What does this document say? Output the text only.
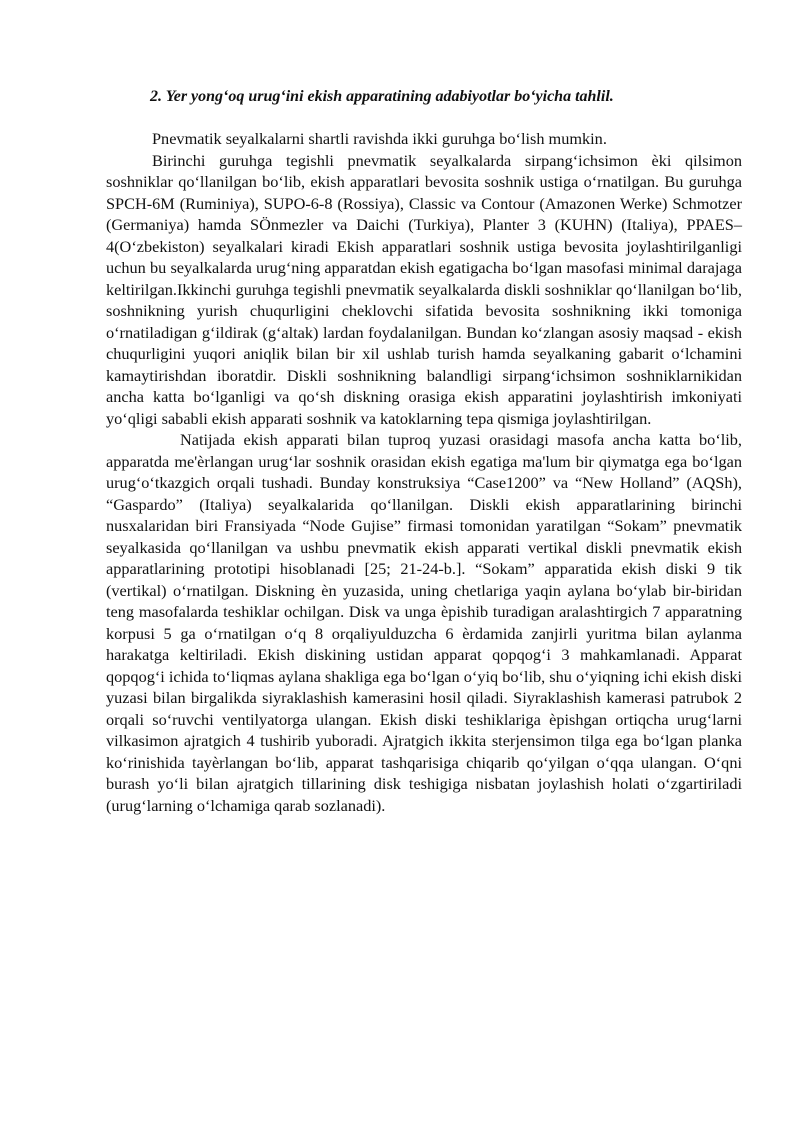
2. Yer yong‘oq urug‘ini ekish apparatining adabiyotlar bo‘yicha tahlil.

Pnevmatik seyalkalarni shartli ravishda ikki guruhga bo‘lish mumkin.

Birinchi guruhga tegishli pnevmatik seyalkalarda sirpang‘ichsimon èki qilsimon soshniklar qo‘llanilgan bo‘lib, ekish apparatlari bevosita soshnik ustiga o‘rnatilgan. Bu guruhga SPCH-6M (Ruminiya), SUPO-6-8 (Rossiya), Classic va Contour (Amazonen Werke) Schmotzer (Germaniya) hamda SÖnmezler va Daichi (Turkiya), Planter 3 (KUHN) (Italiya), PPAES–4(O‘zbekiston) seyalkalari kiradi Ekish apparatlari soshnik ustiga bevosita joylashtirilganligi uchun bu seyalkalarda urug‘ning apparatdan ekish egatigacha bo‘lgan masofasi minimal darajaga keltirilgan.Ikkinchi guruhga tegishli pnevmatik seyalkalarda diskli soshniklar qo‘llanilgan bo‘lib, soshnikning yurish chuqurligini cheklovchi sifatida bevosita soshnikning ikki tomoniga o‘rnatiladigan g‘ildirak (g‘altak) lardan foydalanilgan. Bundan ko‘zlangan asosiy maqsad - ekish chuqurligini yuqori aniqlik bilan bir xil ushlab turish hamda seyalkaning gabarit o‘lchamini kamaytirishdan iboratdir. Diskli soshnikning balandligi sirpang‘ichsimon soshniklarnikidan ancha katta bo‘lganligi va qo‘sh diskning orasiga ekish apparatini joylashtirish imkoniyati yo‘qligi sababli ekish apparati soshnik va katoklarning tepa qismiga joylashtirilgan.

Natijada ekish apparati bilan tuproq yuzasi orasidagi masofa ancha katta bo‘lib, apparatda me'èrlangan urug‘lar soshnik orasidan ekish egatiga ma'lum bir qiymatga ega bo‘lgan urug‘o‘tkazgich orqali tushadi. Bunday konstruksiya “Case1200” va “New Holland” (AQSh), “Gaspardo” (Italiya) seyalkalarida qo‘llanilgan. Diskli ekish apparatlarining birinchi nusxalaridan biri Fransiyada “Node Gujise” firmasi tomonidan yaratilgan “Sokam” pnevmatik seyalkasida qo‘llanilgan va ushbu pnevmatik ekish apparati vertikal diskli pnevmatik ekish apparatlarining prototipi hisoblanadi [25; 21-24-b.]. “Sokam” apparatida ekish diski 9 tik (vertikal) o‘rnatilgan. Diskning èn yuzasida, uning chetlariga yaqin aylana bo‘ylab bir-biridan teng masofalarda teshiklar ochilgan. Disk va unga èpishib turadigan aralashtirgich 7 apparatning korpusi 5 ga o‘rnatilgan o‘q 8 orqaliyulduzcha 6 èrdamida zanjirli yuritma bilan aylanma harakatga keltiriladi. Ekish diskining ustidan apparat qopqog‘i 3 mahkamlanadi. Apparat qopqog‘i ichida to‘liqmas aylana shakliga ega bo‘lgan o‘yiq bo‘lib, shu o‘yiqning ichi ekish diski yuzasi bilan birgalikda siyraklashish kamerasini hosil qiladi. Siyraklashish kamerasi patrubok 2 orqali so‘ruvchi ventilyatorga ulangan. Ekish diski teshiklariga èpishgan ortiqcha urug‘larni vilkasimon ajratgich 4 tushirib yuboradi. Ajratgich ikkita sterjensimon tilga ega bo‘lgan planka ko‘rinishida tayèrlangan bo‘lib, apparat tashqarisiga chiqarib qo‘yilgan o‘qqa ulangan. O‘qni burash yo‘li bilan ajratgich tillarining disk teshigiga nisbatan joylashish holati o‘zgartiriladi (urug‘larning o‘lchamiga qarab sozlanadi).
